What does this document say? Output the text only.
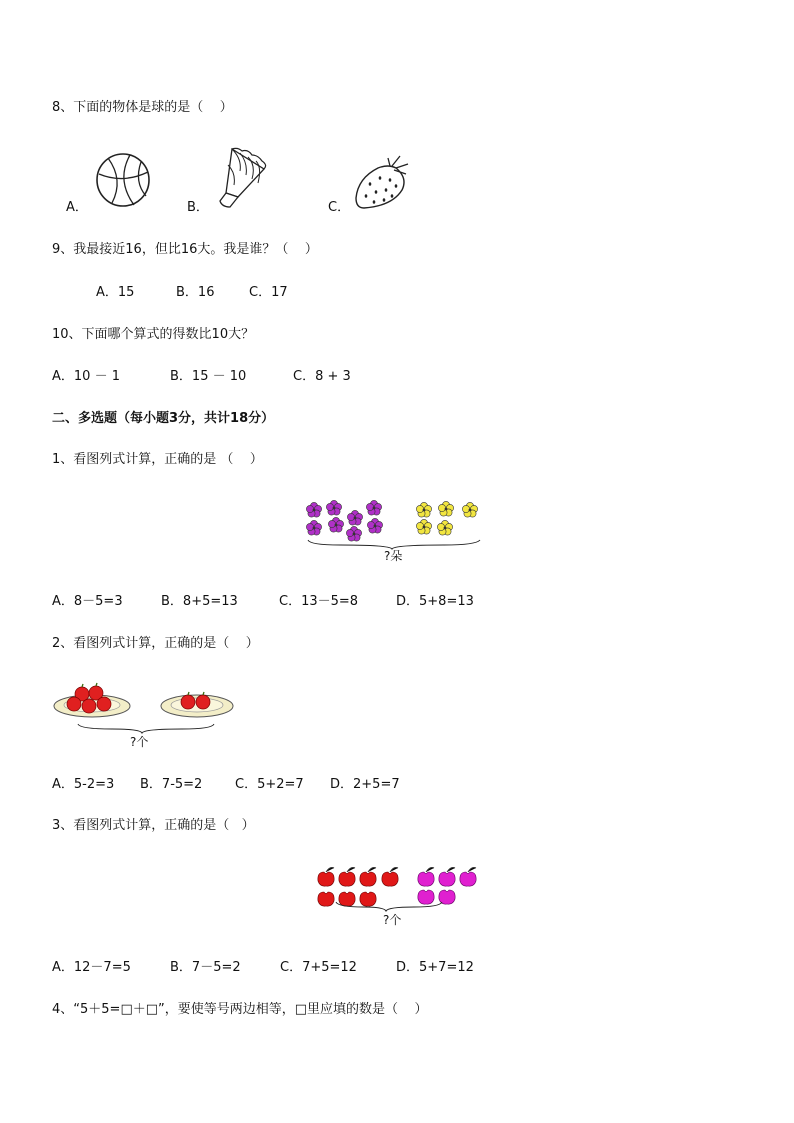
8、下面的物体是球的是（    ）
A．	B．	C．
9、我最接近16，但比16大。我是谁？（    ）
A．15	B．16	C．17
10、下面哪个算式的得数比10大？
A．10 － 1	B．15 － 10	C．8 + 3
二、多选题（每小题3分，共计18分）
1、看图列式计算，正确的是 （    ）
?朵
A．8－5=3	B．8+5=13	C．13－5=8	D．5+8=13
2、看图列式计算，正确的是（    ）
?个
A．5-2=3 B．7-5=2	C．5+2=7 D．2+5=7
3、看图列式计算，正确的是（   ）
?个
A．12－7=5	B．7－5=2	C．7+5=12	D．5+7=12
4、“5＋5=□＋□”，要使等号两边相等，□里应填的数是（    ）
